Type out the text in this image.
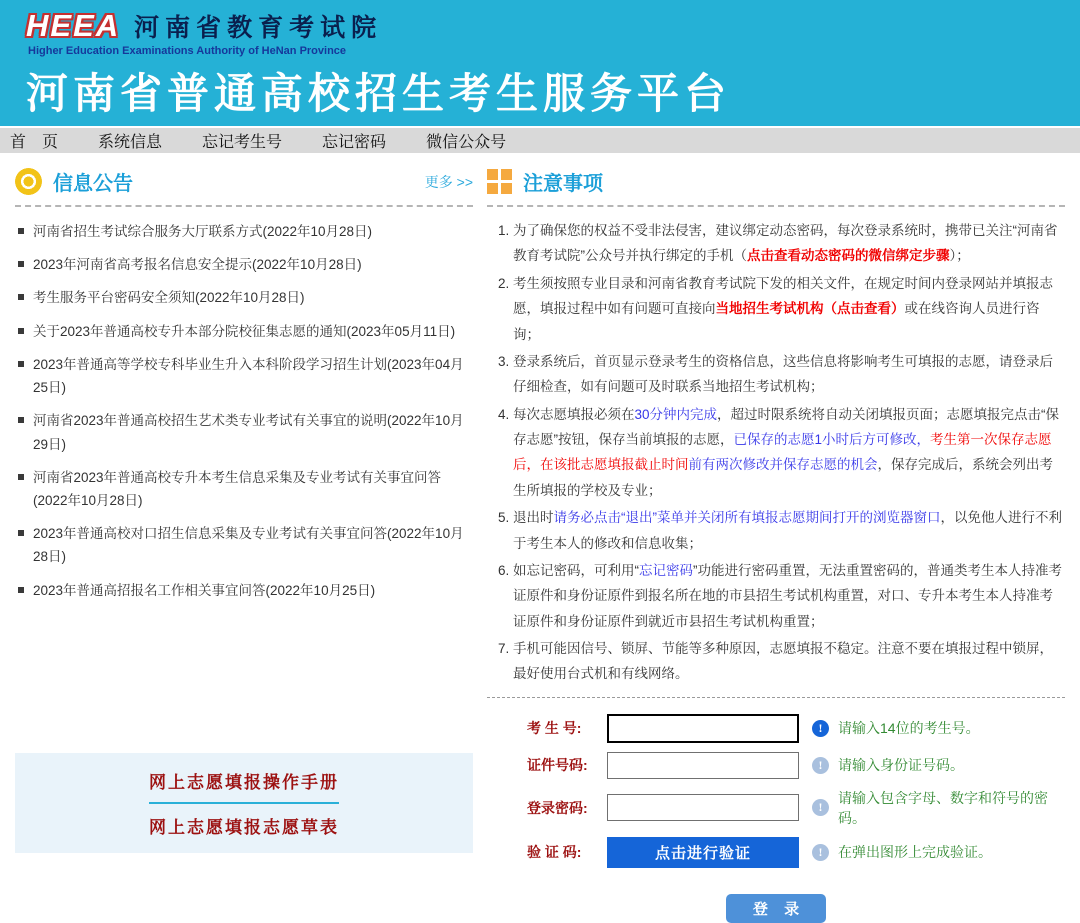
HEEA 河南省教育考试院
Higher Education Examinations Authority of HeNan Province
河南省普通高校招生考生服务平台
首　页	系统信息	忘记考生号	忘记密码	微信公众号
信息公告	更多 >>
河南省招生考试综合服务大厅联系方式(2022年10月28日)
2023年河南省高考报名信息安全提示(2022年10月28日)
考生服务平台密码安全须知(2022年10月28日)
关于2023年普通高校专升本部分院校征集志愿的通知(2023年05月11日)
2023年普通高等学校专科毕业生升入本科阶段学习招生计划(2023年04月25日)
河南省2023年普通高校招生艺术类专业考试有关事宜的说明(2022年10月29日)
河南省2023年普通高校专升本考生信息采集及专业考试有关事宜问答(2022年10月28日)
2023年普通高校对口招生信息采集及专业考试有关事宜问答(2022年10月28日)
2023年普通高招报名工作相关事宜问答(2022年10月25日)
网上志愿填报操作手册
网上志愿填报志愿草表
注意事项
1. 为了确保您的权益不受非法侵害，建议绑定动态密码，每次登录系统时，携带已关注“河南省教育考试院”公众号并执行绑定的手机（点击查看动态密码的微信绑定步骤）；
2. 考生须按照专业目录和河南省教育考试院下发的相关文件，在规定时间内登录网站并填报志愿，填报过程中如有问题可直接向当地招生考试机构（点击查看）或在线咨询人员进行咨询；
3. 登录系统后，首页显示登录考生的资格信息，这些信息将影响考生可填报的志愿，请登录后仔细检查，如有问题可及时联系当地招生考试机构；
4. 每次志愿填报必须在30分钟内完成，超过时限系统将自动关闭填报页面；志愿填报完点击“保存志愿”按钮，保存当前填报的志愿，已保存的志愿1小时后方可修改，考生第一次保存志愿后，在该批志愿填报截止时间前有两次修改并保存志愿的机会，保存完成后，系统会列出考生所填报的学校及专业；
5. 退出时请务必点击“退出”菜单并关闭所有填报志愿期间打开的浏览器窗口，以免他人进行不利于考生本人的修改和信息收集；
6. 如忘记密码，可利用“忘记密码”功能进行密码重置，无法重置密码的，普通类考生本人持准考证原件和身份证原件到报名所在地的市县招生考试机构重置，对口、专升本考生本人持准考证原件和身份证原件到就近市县招生考试机构重置；
7. 手机可能因信号、锁屏、节能等多种原因，志愿填报不稳定。注意不要在填报过程中锁屏，最好使用台式机和有线网络。
考 生 号:	!	请输入14位的考生号。
证件号码:	!	请输入身份证号码。
登录密码:	!
请输入包含字母、数字和符号的密码。
验 证 码:	点击进行验证	!	在弹出图形上完成验证。
登 录
